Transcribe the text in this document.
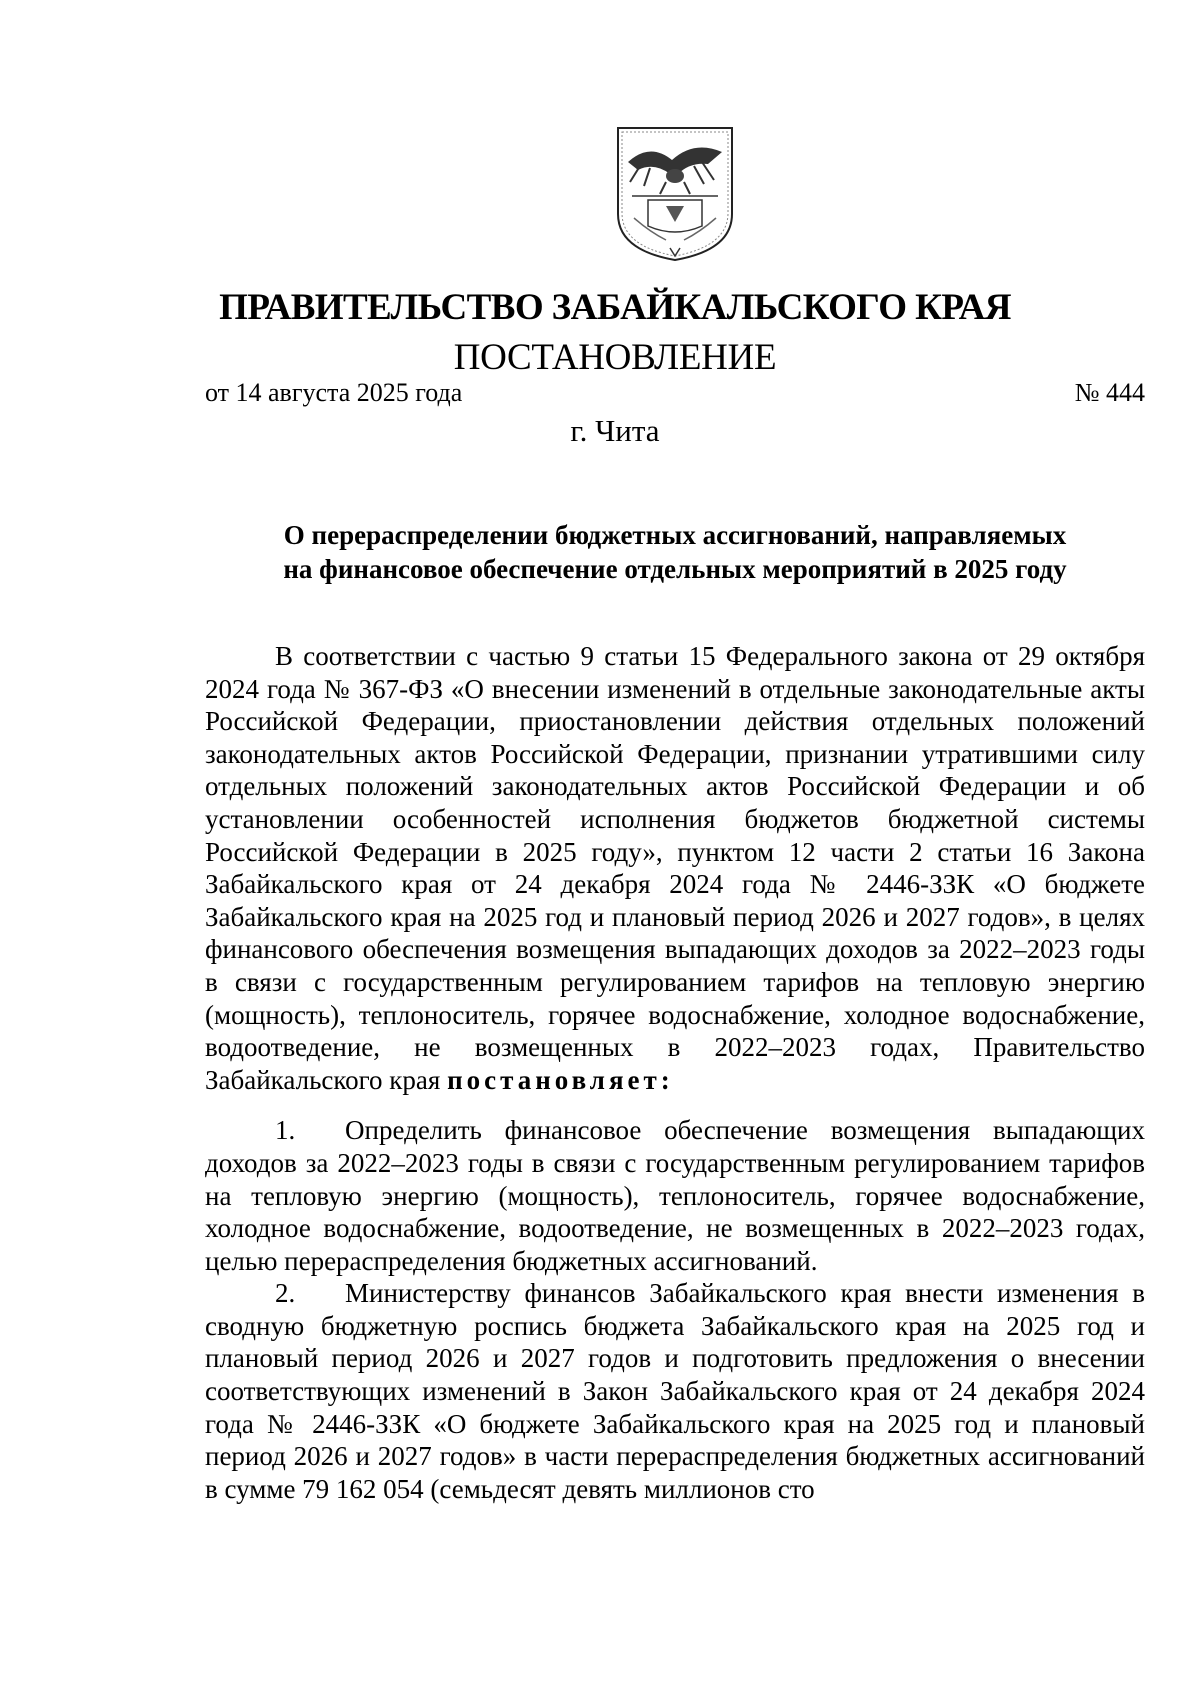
ПРАВИТЕЛЬСТВО ЗАБАЙКАЛЬСКОГО КРАЯ
ПОСТАНОВЛЕНИЕ
от 14 августа 2025 года	№ 444
г. Чита
О перераспределении бюджетных ассигнований, направляемых
на финансовое обеспечение отдельных мероприятий в 2025 году

В соответствии с частью 9 статьи 15 Федерального закона от 29 октября 2024 года № 367-ФЗ «О внесении изменений в отдельные законодательные акты Российской Федерации, приостановлении действия отдельных положений законодательных актов Российской Федерации, признании утратившими силу отдельных положений законодательных актов Российской Федерации и об установлении особенностей исполнения бюджетов бюджетной системы Российской Федерации в 2025 году», пунктом 12 части 2 статьи 16 Закона Забайкальского края от 24 декабря 2024 года № 2446-ЗЗК «О бюджете Забайкальского края на 2025 год и плановый период 2026 и 2027 годов», в целях финансового обеспечения возмещения выпадающих доходов за 2022–2023 годы в связи с государственным регулированием тарифов на тепловую энергию (мощность), теплоноситель, горячее водоснабжение, холодное водоснабжение, водоотведение, не возмещенных в 2022–2023 годах, Правительство Забайкальского края постановляет:

1. Определить финансовое обеспечение возмещения выпадающих доходов за 2022–2023 годы в связи с государственным регулированием тарифов на тепловую энергию (мощность), теплоноситель, горячее водоснабжение, холодное водоснабжение, водоотведение, не возмещенных в 2022–2023 годах, целью перераспределения бюджетных ассигнований.

2. Министерству финансов Забайкальского края внести изменения в сводную бюджетную роспись бюджета Забайкальского края на 2025 год и плановый период 2026 и 2027 годов и подготовить предложения о внесении соответствующих изменений в Закон Забайкальского края от 24 декабря 2024 года № 2446-ЗЗК «О бюджете Забайкальского края на 2025 год и плановый период 2026 и 2027 годов» в части перераспределения бюджетных ассигнований в сумме 79 162 054 (семьдесят девять миллионов сто
